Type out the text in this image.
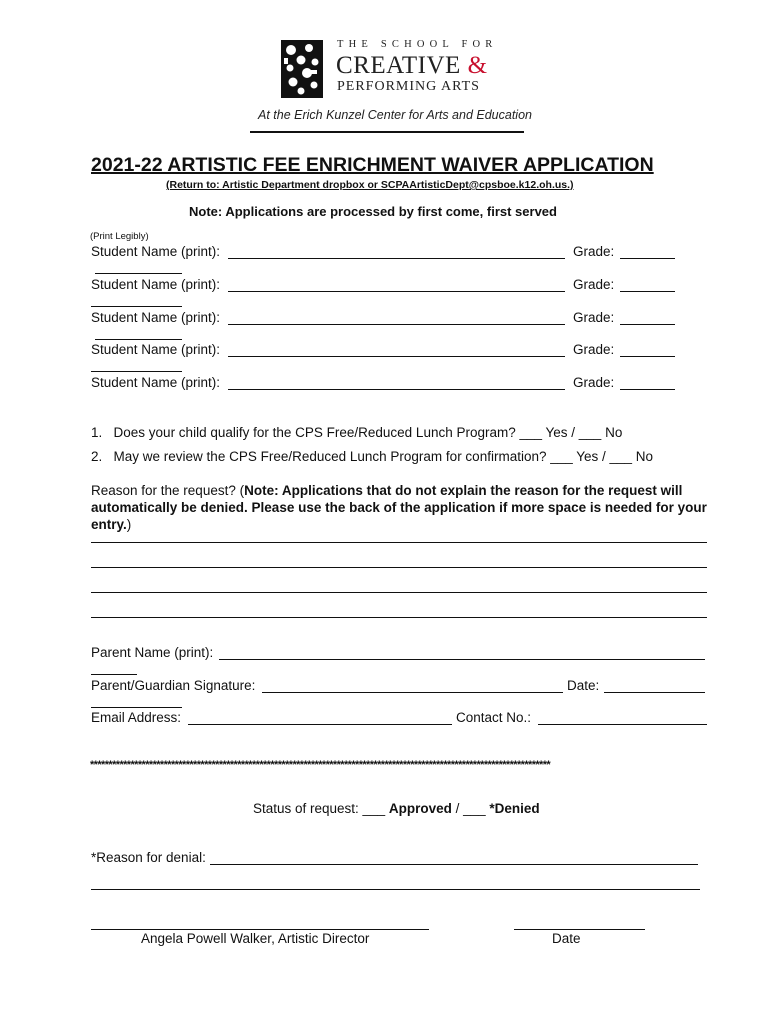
THE SCHOOL FOR
CREATIVE &
PERFORMING ARTS
At the Erich Kunzel Center for Arts and Education
2021-22 ARTISTIC FEE ENRICHMENT WAIVER APPLICATION
(Return to: Artistic Department dropbox or SCPAArtisticDept@cpsboe.k12.oh.us.)
Note: Applications are processed by first come, first served
(Print Legibly)
Student Name (print):	Grade:
Student Name (print):	Grade:
Student Name (print):	Grade:
Student Name (print):	Grade:
Student Name (print):	Grade:
1. Does your child qualify for the CPS Free/Reduced Lunch Program? ___ Yes / ___ No
2. May we review the CPS Free/Reduced Lunch Program for confirmation? ___ Yes / ___ No
Reason for the request? (Note: Applications that do not explain the reason for the request will automatically be denied. Please use the back of the application if more space is needed for your entry.)
Parent Name (print):
Parent/Guardian Signature:	Date:
Email Address:	Contact No.:
*****************************************************************************************************************************
Status of request: ___ Approved / ___ *Denied
*Reason for denial:
Angela Powell Walker, Artistic Director	Date
